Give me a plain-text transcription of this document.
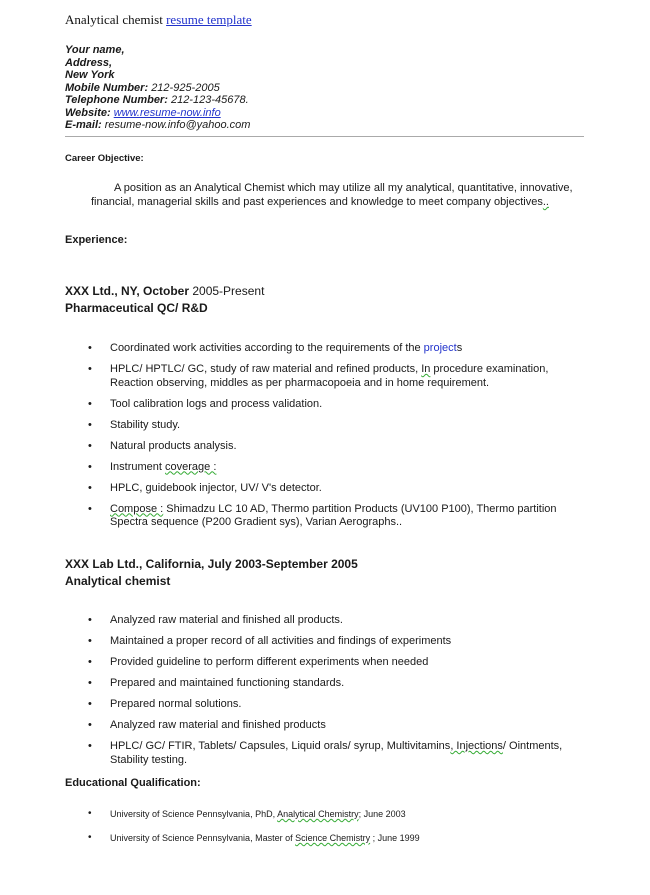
Analytical chemist resume template
Your name,
Address,
New York
Mobile Number: 212-925-2005
Telephone Number: 212-123-45678.
Website: www.resume-now.info
E-mail: resume-now.info@yahoo.com
Career Objective:
A position as an Analytical Chemist which may utilize all my analytical, quantitative, innovative, financial, managerial skills and past experiences and knowledge to meet company objectives..
Experience:
XXX Ltd., NY, October 2005-Present
Pharmaceutical QC/ R&D
• Coordinated work activities according to the requirements of the projects
• HPLC/ HPTLC/ GC, study of raw material and refined products, In procedure examination, Reaction observing, middles as per pharmacopoeia and in home requirement.
• Tool calibration logs and process validation.
• Stability study.
• Natural products analysis.
• Instrument coverage :
• HPLC, guidebook injector, UV/ V's detector.
• Compose : Shimadzu LC 10 AD, Thermo partition Products (UV100 P100), Thermo partition Spectra sequence (P200 Gradient sys), Varian Aerographs..
XXX Lab Ltd., California, July 2003-September 2005
Analytical chemist
• Analyzed raw material and finished all products.
• Maintained a proper record of all activities and findings of experiments
• Provided guideline to perform different experiments when needed
• Prepared and maintained functioning standards.
• Prepared normal solutions.
• Analyzed raw material and finished products
• HPLC/ GC/ FTIR, Tablets/ Capsules, Liquid orals/ syrup, Multivitamins, Injections/ Ointments, Stability testing.
Educational Qualification:
• University of Science Pennsylvania, PhD, Analytical Chemistry; June 2003
• University of Science Pennsylvania, Master of Science Chemistry ; June 1999
